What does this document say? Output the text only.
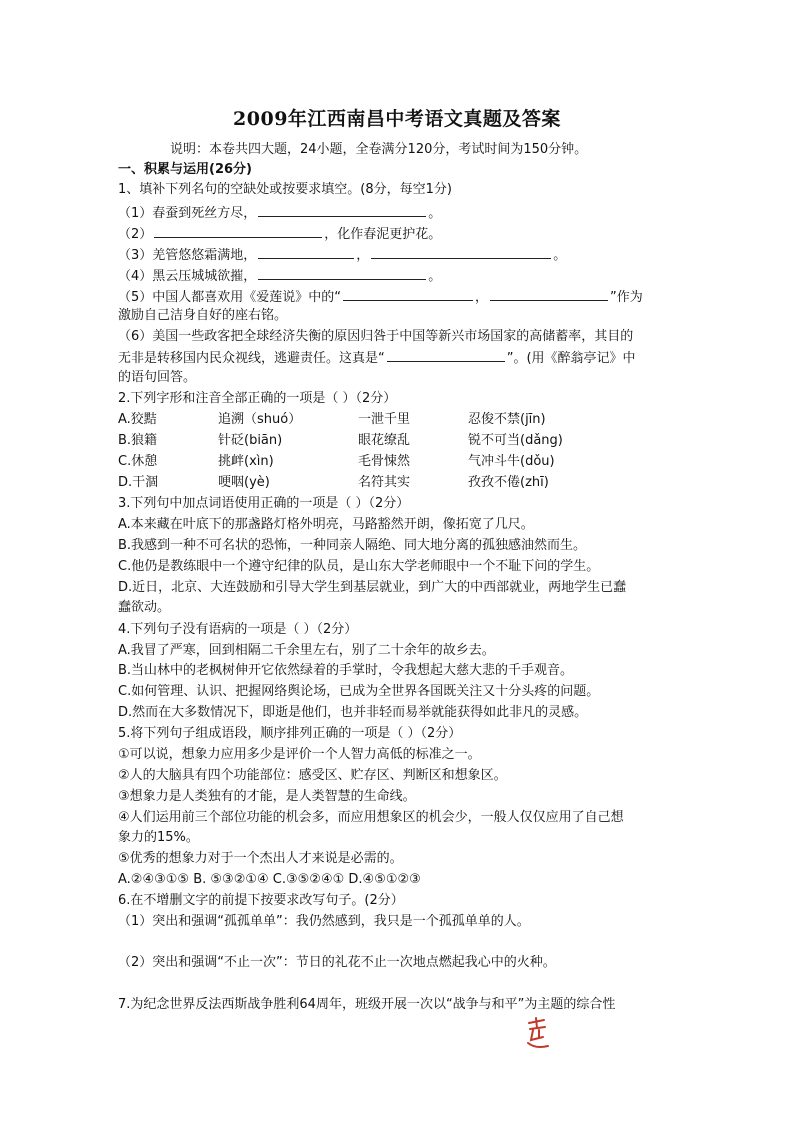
2009年江西南昌中考语文真题及答案
说明：本卷共四大题，24小题，全卷满分120分，考试时间为150分钟。
一、积累与运用(26分)
1、填补下列名句的空缺处或按要求填空。(8分，每空1分)
（1）春蚕到死丝方尽，	。
（2）	，化作春泥更护花。
（3）羌管悠悠霜满地，	，	。
（4）黑云压城城欲摧，	。
（5）中国人都喜欢用《爱莲说》中的“	，	”作为
激励自己洁身自好的座右铭。
（6）美国一些政客把全球经济失衡的原因归咎于中国等新兴市场国家的高储蓄率，其目的
无非是转移国内民众视线，逃避责任。这真是“	”。(用《醉翁亭记》中
的语句回答。
2.下列字形和注音全部正确的一项是（ ）（2分）
A.狡黠	追溯（shuó）	一泄千里	忍俊不禁(jīn)
B.狼籍	针砭(biān)	眼花缭乱	锐不可当(dǎng)
C.休憩	挑衅(xìn)	毛骨悚然	气冲斗牛(dǒu)
D.干涸	哽咽(yè)	名符其实	孜孜不倦(zhī)
3.下列句中加点词语使用正确的一项是（ ）（2分）
A.本来藏在叶底下的那盏路灯格外明亮，马路豁然开朗，像拓宽了几尺。
B.我感到一种不可名状的恐怖，一种同亲人隔绝、同大地分离的孤独感油然而生。
C.他仍是教练眼中一个遵守纪律的队员，是山东大学老师眼中一个不耻下问的学生。
D.近日，北京、大连鼓励和引导大学生到基层就业，到广大的中西部就业，两地学生已蠢
蠢欲动。
4.下列句子没有语病的一项是（ ）（2分）
A.我冒了严寒，回到相隔二千余里左右，别了二十余年的故乡去。
B.当山林中的老枫树伸开它依然绿着的手掌时，令我想起大慈大悲的千手观音。
C.如何管理、认识、把握网络舆论场，已成为全世界各国既关注又十分头疼的问题。
D.然而在大多数情况下，即逝是他们，也并非轻而易举就能获得如此非凡的灵感。
5.将下列句子组成语段，顺序排列正确的一项是（ ）（2分）
①可以说，想象力应用多少是评价一个人智力高低的标准之一。
②人的大脑具有四个功能部位：感受区、贮存区、判断区和想象区。
③想象力是人类独有的才能，是人类智慧的生命线。
④人们运用前三个部位功能的机会多，而应用想象区的机会少，一般人仅仅应用了自己想
象力的15%。
⑤优秀的想象力对于一个杰出人才来说是必需的。
A.②④③①⑤ B. ⑤③②①④ C.③⑤②④① D.④⑤①②③
6.在不增删文字的前提下按要求改写句子。(2分）
（1）突出和强调“孤孤单单”：我仍然感到，我只是一个孤孤单单的人。
（2）突出和强调“不止一次”：节日的礼花不止一次地点燃起我心中的火种。
7.为纪念世界反法西斯战争胜利64周年，班级开展一次以“战争与和平”为主题的综合性
